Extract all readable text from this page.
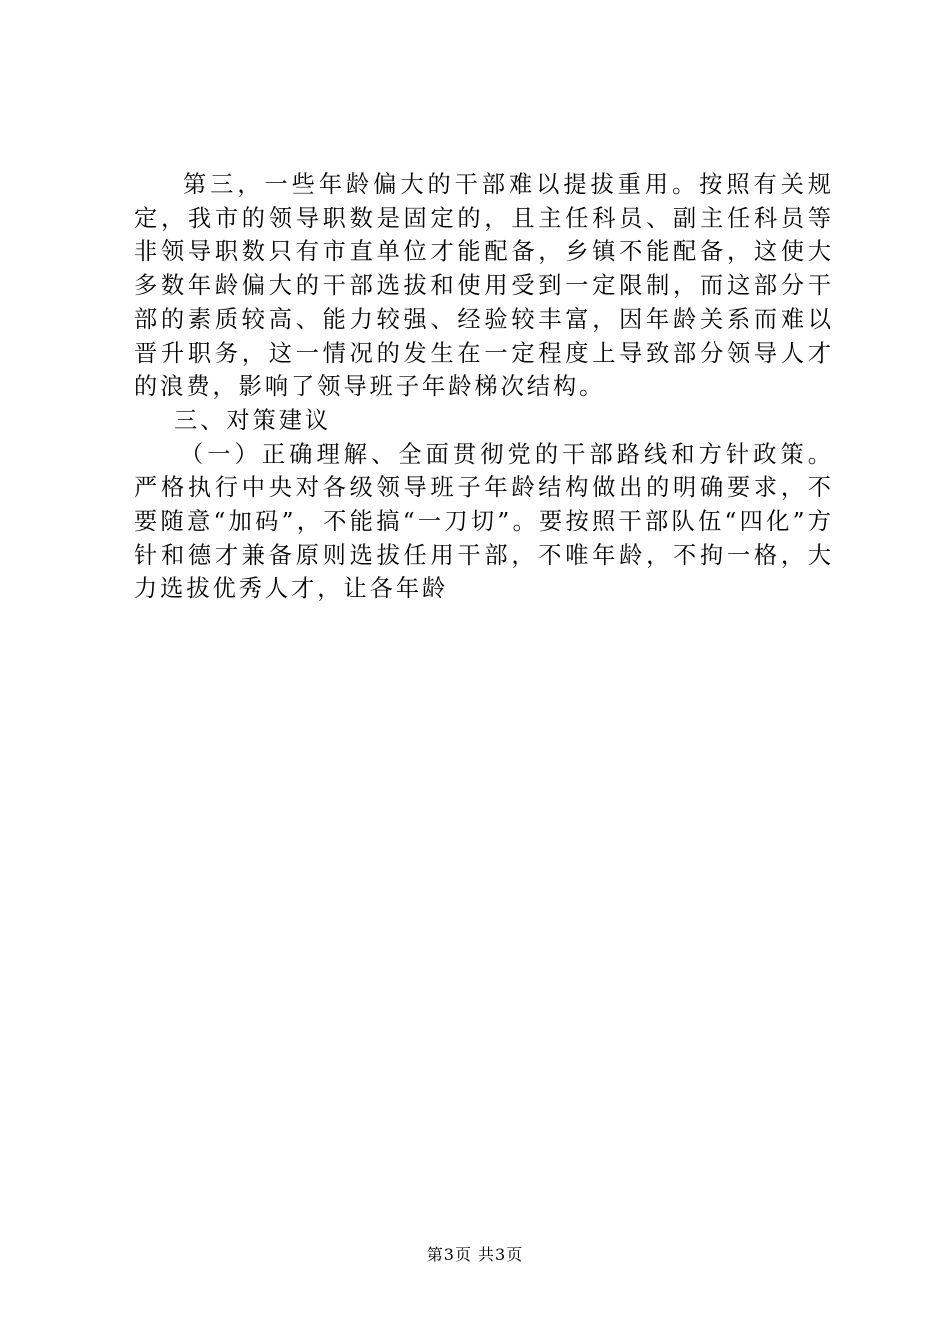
第三，一些年龄偏大的干部难以提拔重用。按照有关规定，我市的领导职数是固定的，且主任科员、副主任科员等非领导职数只有市直单位才能配备，乡镇不能配备，这使大多数年龄偏大的干部选拔和使用受到一定限制，而这部分干部的素质较高、能力较强、经验较丰富，因年龄关系而难以晋升职务，这一情况的发生在一定程度上导致部分领导人才的浪费，影响了领导班子年龄梯次结构。

三、对策建议

（一）正确理解、全面贯彻党的干部路线和方针政策。严格执行中央对各级领导班子年龄结构做出的明确要求，不要随意“加码”，不能搞“一刀切”。要按照干部队伍“四化”方针和德才兼备原则选拔任用干部，不唯年龄，不拘一格，大力选拔优秀人才，让各年龄

第3页 共3页
